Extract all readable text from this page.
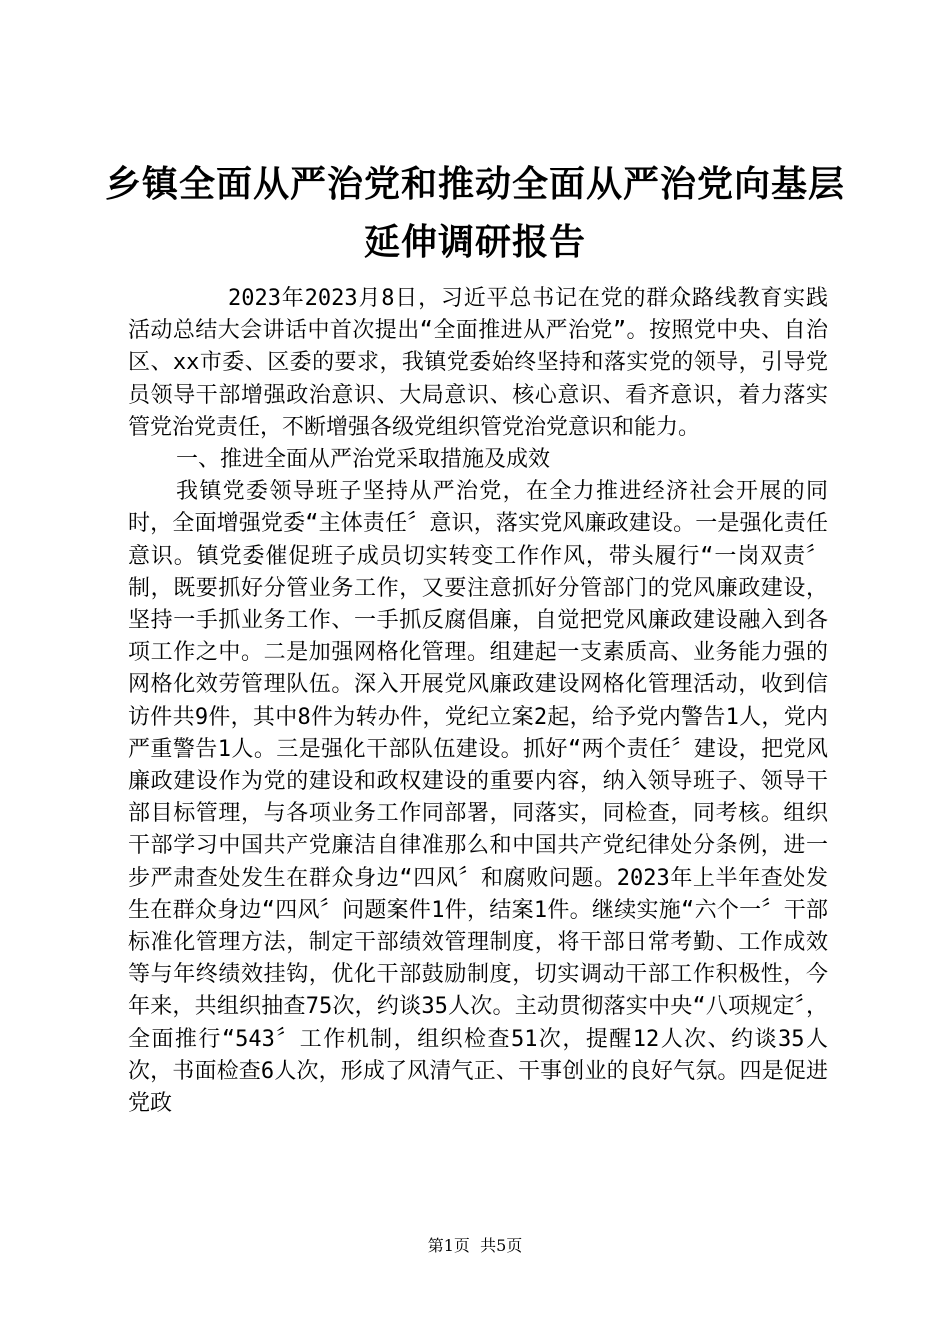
乡镇全面从严治党和推动全面从严治党向基层
延伸调研报告

2023年2023月8日，习近平总书记在党的群众路线教育实践活动总结大会讲话中首次提出“全面推进从严治党”。按照党中央、自治区、xx市委、区委的要求，我镇党委始终坚持和落实党的领导，引导党员领导干部增强政治意识、大局意识、核心意识、看齐意识，着力落实管党治党责任，不断增强各级党组织管党治党意识和能力。

一、推进全面从严治党采取措施及成效

我镇党委领导班子坚持从严治党，在全力推进经济社会开展的同时，全面增强党委“主体责任〞意识，落实党风廉政建设。一是强化责任意识。镇党委催促班子成员切实转变工作作风，带头履行“一岗双责〞制，既要抓好分管业务工作，又要注意抓好分管部门的党风廉政建设，坚持一手抓业务工作、一手抓反腐倡廉，自觉把党风廉政建设融入到各项工作之中。二是加强网格化管理。组建起一支素质高、业务能力强的网格化效劳管理队伍。深入开展党风廉政建设网格化管理活动，收到信访件共9件，其中8件为转办件，党纪立案2起，给予党内警告1人，党内严重警告1人。三是强化干部队伍建设。抓好“两个责任〞建设，把党风廉政建设作为党的建设和政权建设的重要内容，纳入领导班子、领导干部目标管理，与各项业务工作同部署，同落实，同检查，同考核。组织干部学习中国共产党廉洁自律准那么和中国共产党纪律处分条例，进一步严肃查处发生在群众身边“四风〞和腐败问题。2023年上半年查处发生在群众身边“四风〞问题案件1件，结案1件。继续实施“六个一〞干部标准化管理方法，制定干部绩效管理制度，将干部日常考勤、工作成效等与年终绩效挂钩，优化干部鼓励制度，切实调动干部工作积极性，今年来，共组织抽查75次，约谈35人次。主动贯彻落实中央“八项规定〞，全面推行“543〞工作机制，组织检查51次，提醒12人次、约谈35人次，书面检查6人次，形成了风清气正、干事创业的良好气氛。四是促进党政

第1页 共5页
